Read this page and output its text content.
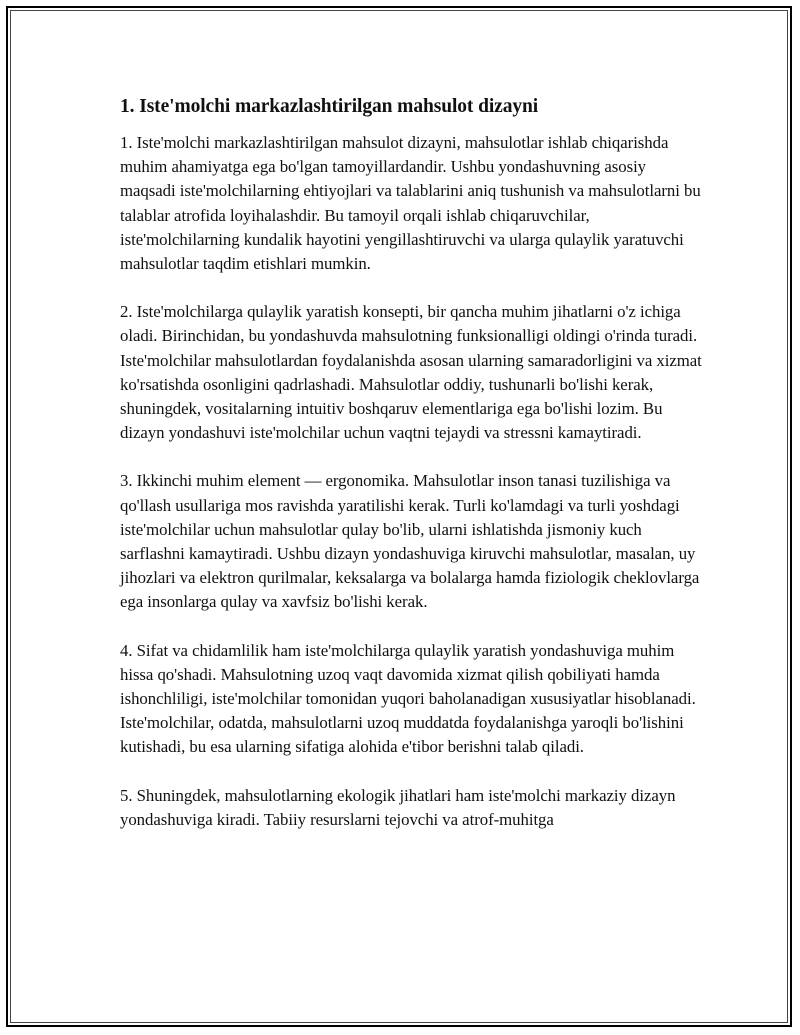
1. Iste'molchi markazlashtirilgan mahsulot dizayni

1. Iste'molchi markazlashtirilgan mahsulot dizayni, mahsulotlar ishlab chiqarishda muhim ahamiyatga ega bo'lgan tamoyillardandir. Ushbu yondashuvning asosiy maqsadi iste'molchilarning ehtiyojlari va talablarini aniq tushunish va mahsulotlarni bu talablar atrofida loyihalashdir. Bu tamoyil orqali ishlab chiqaruvchilar, iste'molchilarning kundalik hayotini yengillashtiruvchi va ularga qulaylik yaratuvchi mahsulotlar taqdim etishlari mumkin.

2. Iste'molchilarga qulaylik yaratish konsepti, bir qancha muhim jihatlarni o'z ichiga oladi. Birinchidan, bu yondashuvda mahsulotning funksionalligi oldingi o'rinda turadi. Iste'molchilar mahsulotlardan foydalanishda asosan ularning samaradorligini va xizmat ko'rsatishda osonligini qadrlashadi. Mahsulotlar oddiy, tushunarli bo'lishi kerak, shuningdek, vositalarning intuitiv boshqaruv elementlariga ega bo'lishi lozim. Bu dizayn yondashuvi iste'molchilar uchun vaqtni tejaydi va stressni kamaytiradi.

3. Ikkinchi muhim element — ergonomika. Mahsulotlar inson tanasi tuzilishiga va qo'llash usullariga mos ravishda yaratilishi kerak. Turli ko'lamdagi va turli yoshdagi iste'molchilar uchun mahsulotlar qulay bo'lib, ularni ishlatishda jismoniy kuch sarflashni kamaytiradi. Ushbu dizayn yondashuviga kiruvchi mahsulotlar, masalan, uy jihozlari va elektron qurilmalar, keksalarga va bolalarga hamda fiziologik cheklovlarga ega insonlarga qulay va xavfsiz bo'lishi kerak.

4. Sifat va chidamlilik ham iste'molchilarga qulaylik yaratish yondashuviga muhim hissa qo'shadi. Mahsulotning uzoq vaqt davomida xizmat qilish qobiliyati hamda ishonchliligi, iste'molchilar tomonidan yuqori baholanadigan xususiyatlar hisoblanadi. Iste'molchilar, odatda, mahsulotlarni uzoq muddatda foydalanishga yaroqli bo'lishini kutishadi, bu esa ularning sifatiga alohida e'tibor berishni talab qiladi.

5. Shuningdek, mahsulotlarning ekologik jihatlari ham iste'molchi markaziy dizayn yondashuviga kiradi. Tabiiy resurslarni tejovchi va atrof-muhitga
